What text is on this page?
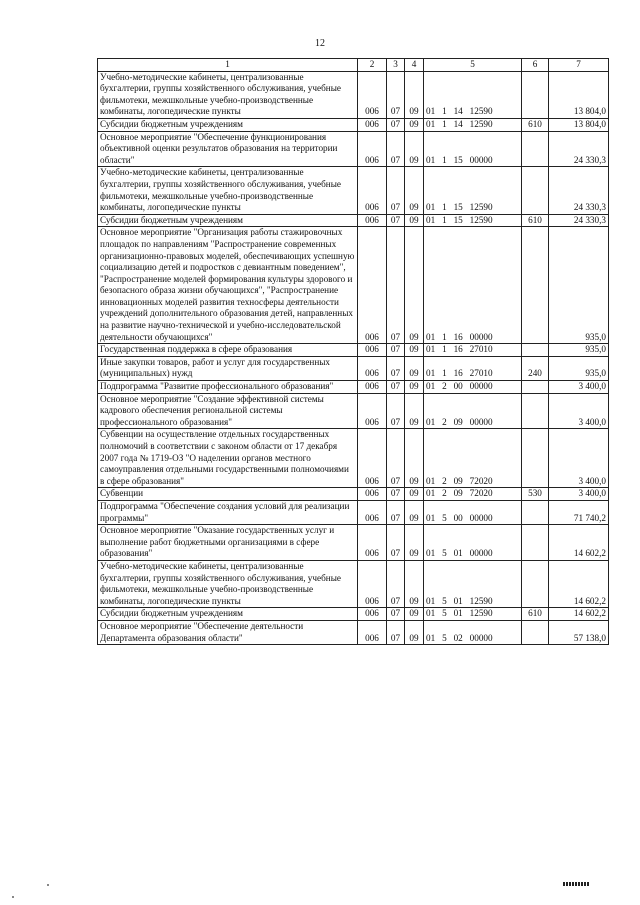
12
1	2	3	4	5	6	7
Учебно-методические кабинеты, централизованные бухгалтерии, группы хозяйственного обслуживания, учебные фильмотеки, межшкольные учебно-производственные комбинаты, логопедические пункты	006	07	09	01   1   14   12590		13 804,0
Субсидии бюджетным учреждениям	006	07	09	01   1   14   12590	610	13 804,0
Основное мероприятие "Обеспечение функционирования объективной оценки результатов образования на территории области"	006	07	09	01   1   15   00000		24 330,3
Учебно-методические кабинеты, централизованные бухгалтерии, группы хозяйственного обслуживания, учебные фильмотеки, межшкольные учебно-производственные комбинаты, логопедические пункты	006	07	09	01   1   15   12590		24 330,3
Субсидии бюджетным учреждениям	006	07	09	01   1   15   12590	610	24 330,3
Основное мероприятие "Организация работы стажировочных площадок по направлениям "Распространение современных организационно-правовых моделей, обеспечивающих успешную социализацию детей и подростков с девиантным поведением", "Распространение моделей формирования культуры здорового и безопасного образа жизни обучающихся", "Распространение инновационных моделей развития техносферы деятельности учреждений дополнительного образования детей, направленных на развитие научно-технической и учебно-исследовательской деятельности обучающихся"	006	07	09	01   1   16   00000		935,0
Государственная поддержка в сфере образования	006	07	09	01   1   16   27010		935,0
Иные закупки товаров, работ и услуг для государственных (муниципальных) нужд	006	07	09	01   1   16   27010	240	935,0
Подпрограмма "Развитие профессионального образования"	006	07	09	01   2   00   00000		3 400,0
Основное мероприятие "Создание эффективной системы кадрового обеспечения региональной системы профессионального образования"	006	07	09	01   2   09   00000		3 400,0
Субвенции на осуществление отдельных государственных полномочий в соответствии с законом области от 17 декабря 2007 года № 1719-ОЗ "О наделении органов местного самоуправления отдельными государственными полномочиями в сфере образования"	006	07	09	01   2   09   72020		3 400,0
Субвенции	006	07	09	01   2   09   72020	530	3 400,0
Подпрограмма "Обеспечение создания условий для реализации программы"	006	07	09	01   5   00   00000		71 740,2
Основное мероприятие "Оказание государственных услуг и выполнение работ бюджетными организациями в сфере образования"	006	07	09	01   5   01   00000		14 602,2
Учебно-методические кабинеты, централизованные бухгалтерии, группы хозяйственного обслуживания, учебные фильмотеки, межшкольные учебно-производственные комбинаты, логопедические пункты	006	07	09	01   5   01   12590		14 602,2
Субсидии бюджетным учреждениям	006	07	09	01   5   01   12590	610	14 602,2
Основное мероприятие "Обеспечение деятельности Департамента образования области"	006	07	09	01   5   02   00000		57 138,0
